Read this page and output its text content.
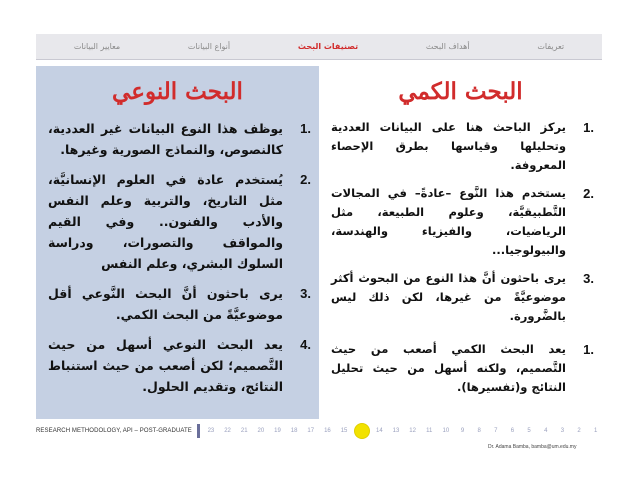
تعريفات
أهداف البحث
تصنيفات البحث
أنواع البيانات
معايير البيانات
البحث النوعي
1.
يوظف هذا النوع البيانات غير العددية، كالنصوص، والنماذج الصورية وغيرها.
2.
يُستخدم عادة في العلوم الإنسانيَّة، مثل التاريخ، والتربية وعلم النفس والأدب والفنون.. وفي القيم والمواقف والتصورات، ودراسة السلوك البشري، وعلم النفس
3.
يرى باحثون أنَّ البحث النَّوعي أقل موضوعيَّةً من البحث الكمي.
4.
يعد البحث النوعي أسهل من حيث التَّصميم؛ لكن أصعب من حيث استنباط النتائج، وتقديم الحلول.
البحث الكمي
1.
يركز الباحث هنا على البيانات العددية وتحليلها وقياسها بطرق الإحصاء المعروفة.
2.
يستخدم هذا النَّوع –عادةً– في المجالات التَّطبيقيَّة، وعلوم الطبيعة، مثل الرياضيات، والفيزياء والهندسة، والبيولوجيا...
3.
يرى باحثون أنَّ هذا النوع من البحوث أكثر موضوعيَّةً من غيرها، لكن ذلك ليس بالضَّرورة.
1.
يعد البحث الكمي أصعب من حيث التَّصميم، ولكنه أسهل من حيث تحليل النتائج و(تفسيرها).
RESEARCH METHODOLOGY, API – POST-GRADUATE	23	22	21	20	19	18	17	16	15	14	13	12	11	10	9	8	7	6	5	4	3	2	1
Dr. Adama Bamba, bamba@um.edu.my
